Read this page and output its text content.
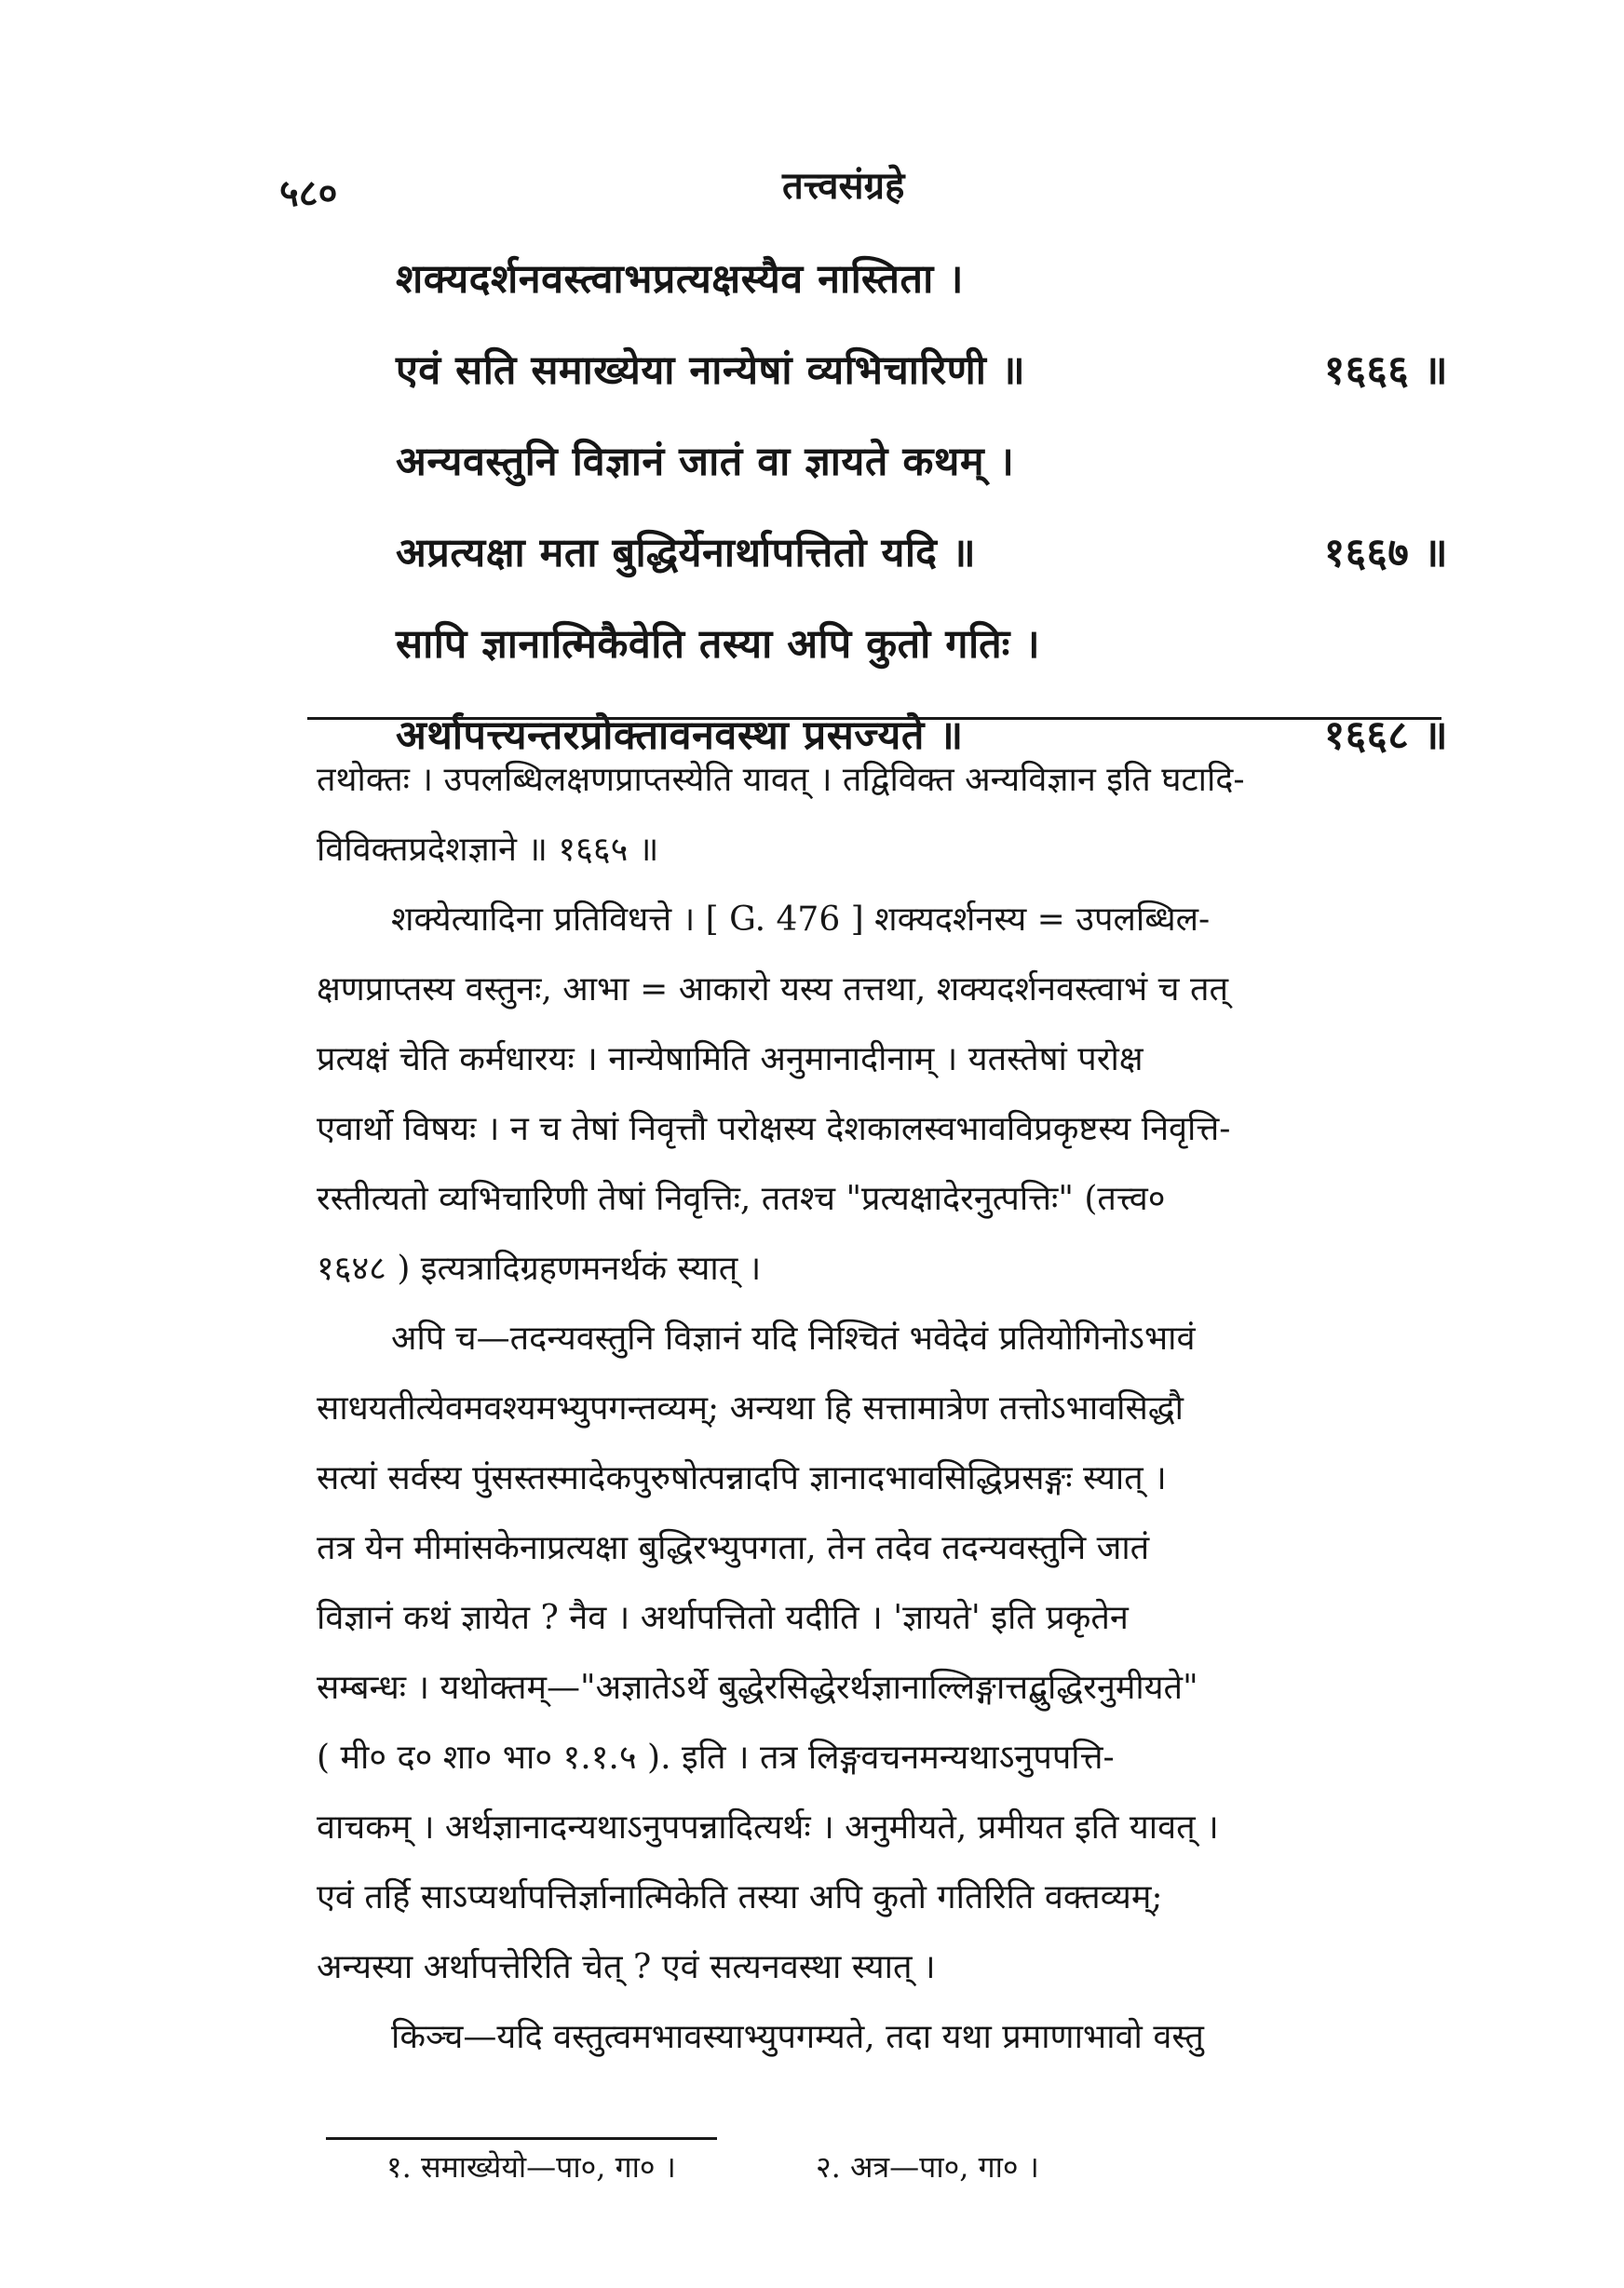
५८०	तत्त्वसंग्रहे
शक्यदर्शनवस्त्वाभप्रत्यक्षस्यैव नास्तिता ।
एवं सति समाख्येया नान्येषां व्यभिचारिणी ॥	१६६६ ॥
अन्यवस्तुनि विज्ञानं जातं वा ज्ञायते कथम् ।
अप्रत्यक्षा मता बुद्धिर्येनार्थापत्तितो यदि ॥	१६६७ ॥
सापि ज्ञानात्मिकैवेति तस्या अपि कुतो गतिः ।
अर्थापत्त्यन्तरप्रोक्तावनवस्था प्रसज्यते ॥	१६६८ ॥
तथोक्तः । उपलब्धिलक्षणप्राप्तस्येति यावत् । तद्विविक्त अन्यविज्ञान इति घटादि-
विविक्तप्रदेशज्ञाने ॥ १६६५ ॥
शक्येत्यादिना प्रतिविधत्ते । [ G. 476 ] शक्यदर्शनस्य = उपलब्धिल-
क्षणप्राप्तस्य वस्तुनः, आभा = आकारो यस्य तत्तथा, शक्यदर्शनवस्त्वाभं च तत्
प्रत्यक्षं चेति कर्मधारयः । नान्येषामिति अनुमानादीनाम् । यतस्तेषां परोक्ष
एवार्थो विषयः । न च तेषां निवृत्तौ परोक्षस्य देशकालस्वभावविप्रकृष्टस्य निवृत्ति-
रस्तीत्यतो व्यभिचारिणी तेषां निवृत्तिः, ततश्च "प्रत्यक्षादेरनुत्पत्तिः" (तत्त्व०
१६४८ ) इत्यत्रादिग्रहणमनर्थकं स्यात् ।
अपि च—तदन्यवस्तुनि विज्ञानं यदि निश्चितं भवेदेवं प्रतियोगिनोऽभावं
साधयतीत्येवमवश्यमभ्युपगन्तव्यम्; अन्यथा हि सत्तामात्रेण तत्तोऽभावसिद्धौ
सत्यां सर्वस्य पुंसस्तस्मादेकपुरुषोत्पन्नादपि ज्ञानादभावसिद्धिप्रसङ्गः स्यात् ।
तत्र येन मीमांसकेनाप्रत्यक्षा बुद्धिरभ्युपगता, तेन तदेव तदन्यवस्तुनि जातं
विज्ञानं कथं ज्ञायेत ? नैव । अर्थापत्तितो यदीति । 'ज्ञायते' इति प्रकृतेन
सम्बन्धः । यथोक्तम्—"अज्ञातेऽर्थे बुद्धेरसिद्धेरर्थज्ञानाल्लिङ्गात्तद्बुद्धिरनुमीयते"
( मी० द० शा० भा० १.१.५ ). इति । तत्र लिङ्गवचनमन्यथाऽनुपपत्ति-
वाचकम् । अर्थज्ञानादन्यथाऽनुपपन्नादित्यर्थः । अनुमीयते, प्रमीयत इति यावत् ।
एवं तर्हि साऽप्यर्थापत्तिर्ज्ञानात्मिकेति तस्या अपि कुतो गतिरिति वक्तव्यम्;
अन्यस्या अर्थापत्तेरिति चेत् ? एवं सत्यनवस्था स्यात् ।
किञ्च—यदि वस्तुत्वमभावस्याभ्युपगम्यते, तदा यथा प्रमाणाभावो वस्तु
१. समाख्येयो—पा०, गा० ।	२. अत्र—पा०, गा० ।
